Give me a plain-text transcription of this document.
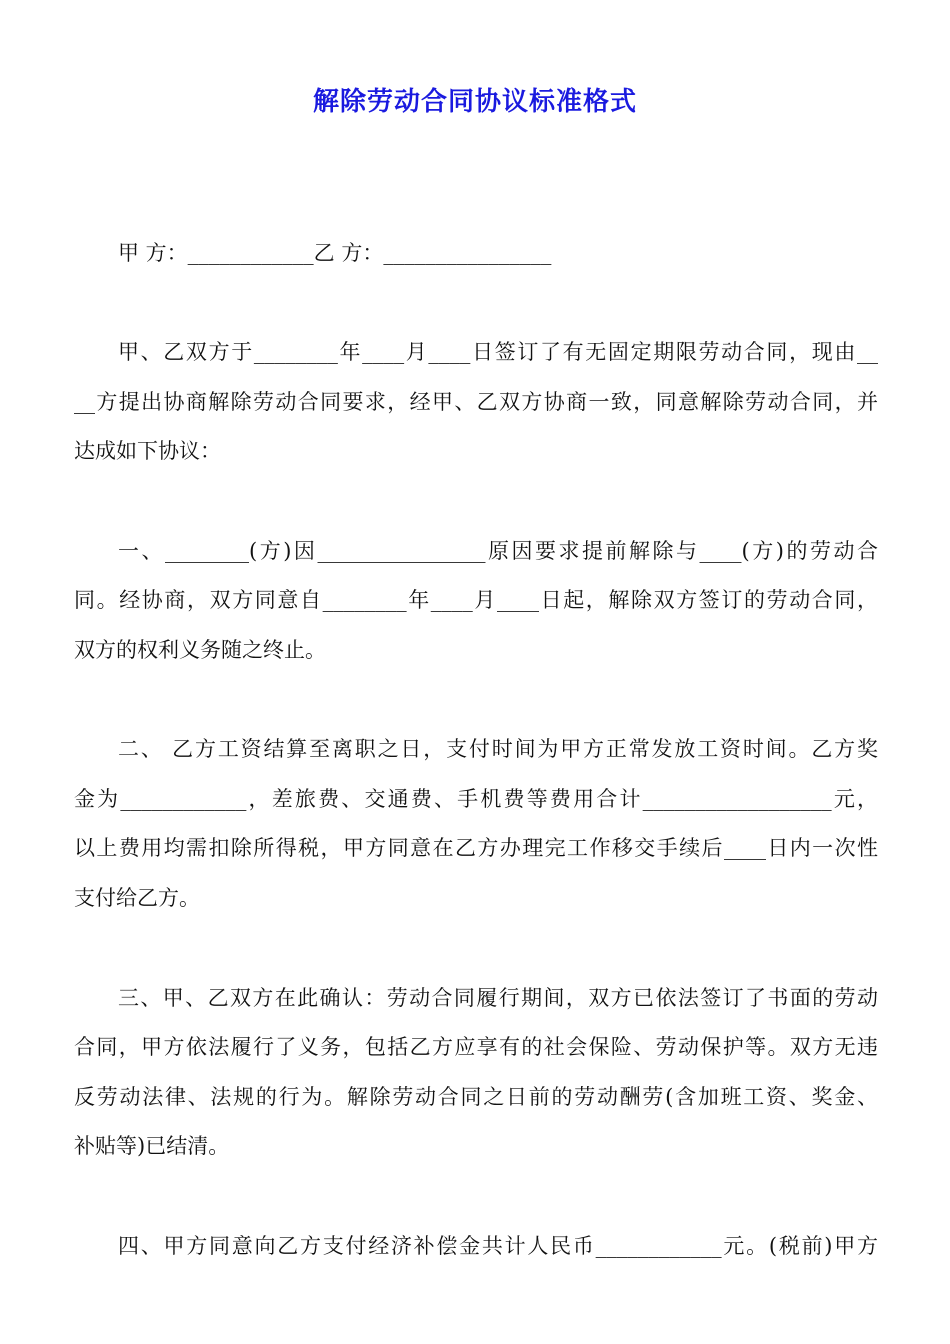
解除劳动合同协议标准格式
甲 方：____________乙 方：________________
甲、乙双方于________年____月____日签订了有无固定期限劳动合同，现由__
__方提出协商解除劳动合同要求，经甲、乙双方协商一致，同意解除劳动合同，并
达成如下协议：
一、________(方)因________________原因要求提前解除与____(方)的劳动合
同。经协商，双方同意自________年____月____日起，解除双方签订的劳动合同，
双方的权利义务随之终止。
二、 乙方工资结算至离职之日，支付时间为甲方正常发放工资时间。乙方奖
金为____________，差旅费、交通费、手机费等费用合计__________________元，
以上费用均需扣除所得税，甲方同意在乙方办理完工作移交手续后____日内一次性
支付给乙方。
三、甲、乙双方在此确认：劳动合同履行期间，双方已依法签订了书面的劳动
合同，甲方依法履行了义务，包括乙方应享有的社会保险、劳动保护等。双方无违
反劳动法律、法规的行为。解除劳动合同之日前的劳动酬劳(含加班工资、奖金、
补贴等)已结清。
四、甲方同意向乙方支付经济补偿金共计人民币____________元。(税前)甲方
